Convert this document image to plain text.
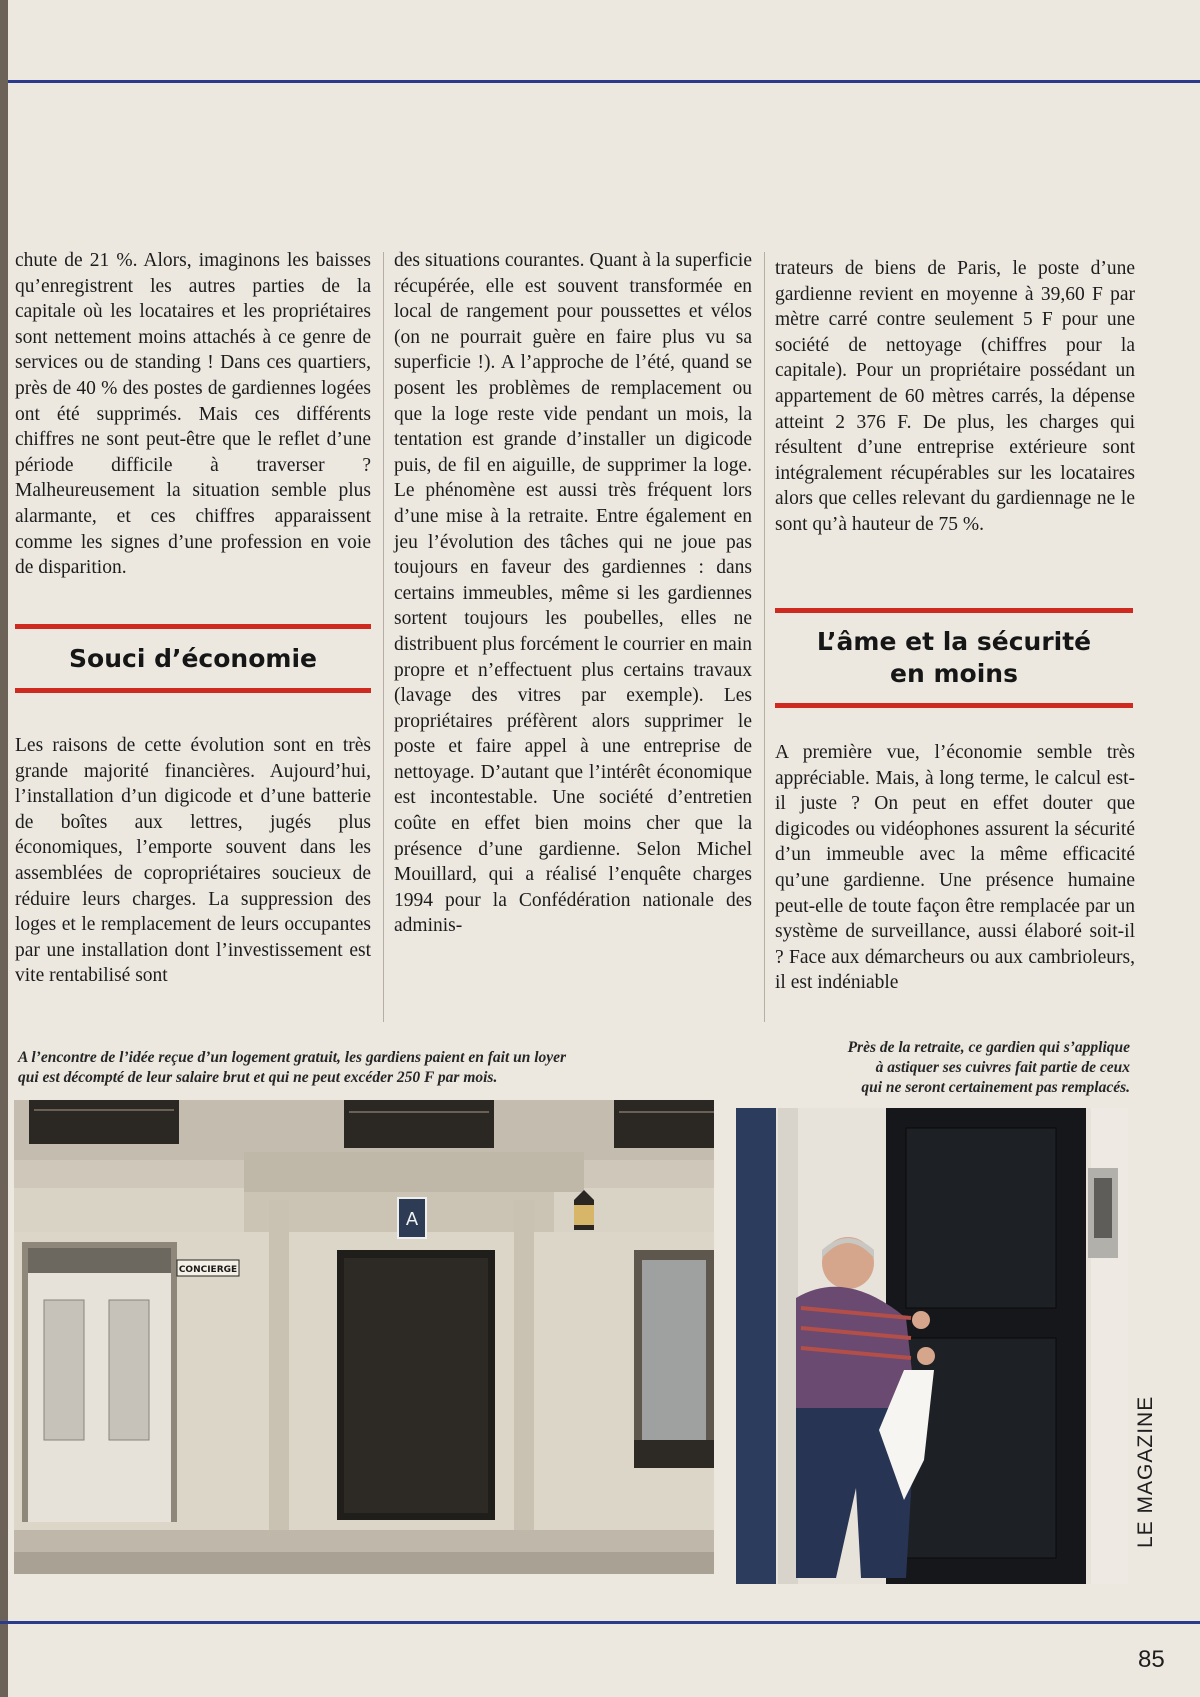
chute de 21 %. Alors, imaginons les baisses qu’enregistrent les autres parties de la capitale où les locataires et les propriétaires sont nettement moins attachés à ce genre de services ou de standing ! Dans ces quartiers, près de 40 % des postes de gardiennes logées ont été supprimés. Mais ces différents chiffres ne sont peut-être que le reflet d’une période difficile à traverser ? Malheureusement la situation semble plus alarmante, et ces chiffres apparaissent comme les signes d’une profession en voie de disparition.

Souci d’économie

Les raisons de cette évolution sont en très grande majorité financières. Aujourd’hui, l’installation d’un digicode et d’une batterie de boîtes aux lettres, jugés plus économiques, l’emporte souvent dans les assemblées de copropriétaires soucieux de réduire leurs charges. La suppression des loges et le remplacement de leurs occupantes par une installation dont l’investissement est vite rentabilisé sont

des situations courantes. Quant à la superficie récupérée, elle est souvent transformée en local de rangement pour poussettes et vélos (on ne pourrait guère en faire plus vu sa superficie !). A l’approche de l’été, quand se posent les problèmes de remplacement ou que la loge reste vide pendant un mois, la tentation est grande d’installer un digicode puis, de fil en aiguille, de supprimer la loge. Le phénomène est aussi très fréquent lors d’une mise à la retraite. Entre également en jeu l’évolution des tâches qui ne joue pas toujours en faveur des gardiennes : dans certains immeubles, même si les gardiennes sortent toujours les poubelles, elles ne distribuent plus forcément le courrier en main propre et n’effectuent plus certains travaux (lavage des vitres par exemple). Les propriétaires préfèrent alors supprimer le poste et faire appel à une entreprise de nettoyage. D’autant que l’intérêt économique est incontestable. Une société d’entretien coûte en effet bien moins cher que la présence d’une gardienne. Selon Michel Mouillard, qui a réalisé l’enquête charges 1994 pour la Confédération nationale des adminis-

trateurs de biens de Paris, le poste d’une gardienne revient en moyenne à 39,60 F par mètre carré contre seulement 5 F pour une société de nettoyage (chiffres pour la capitale). Pour un propriétaire possédant un appartement de 60 mètres carrés, la dépense atteint 2 376 F. De plus, les charges qui résultent d’une entreprise extérieure sont intégralement récupérables sur les locataires alors que celles relevant du gardiennage ne le sont qu’à hauteur de 75 %.

L’âme et la sécurité
en moins

A première vue, l’économie semble très appréciable. Mais, à long terme, le calcul est-il juste ? On peut en effet douter que digicodes ou vidéophones assurent la sécurité d’un immeuble avec la même efficacité qu’une gardienne. Une présence humaine peut-elle de toute façon être remplacée par un système de surveillance, aussi élaboré soit-il ? Face aux démarcheurs ou aux cambrioleurs, il est indéniable

A l’encontre de l’idée reçue d’un logement gratuit, les gardiens paient en fait un loyer
qui est décompté de leur salaire brut et qui ne peut excéder 250 F par mois.
Près de la retraite, ce gardien qui s’applique
à astiquer ses cuivres fait partie de ceux
qui ne seront certainement pas remplacés.
A
CONCIERGE
LE MAGAZINE
85
